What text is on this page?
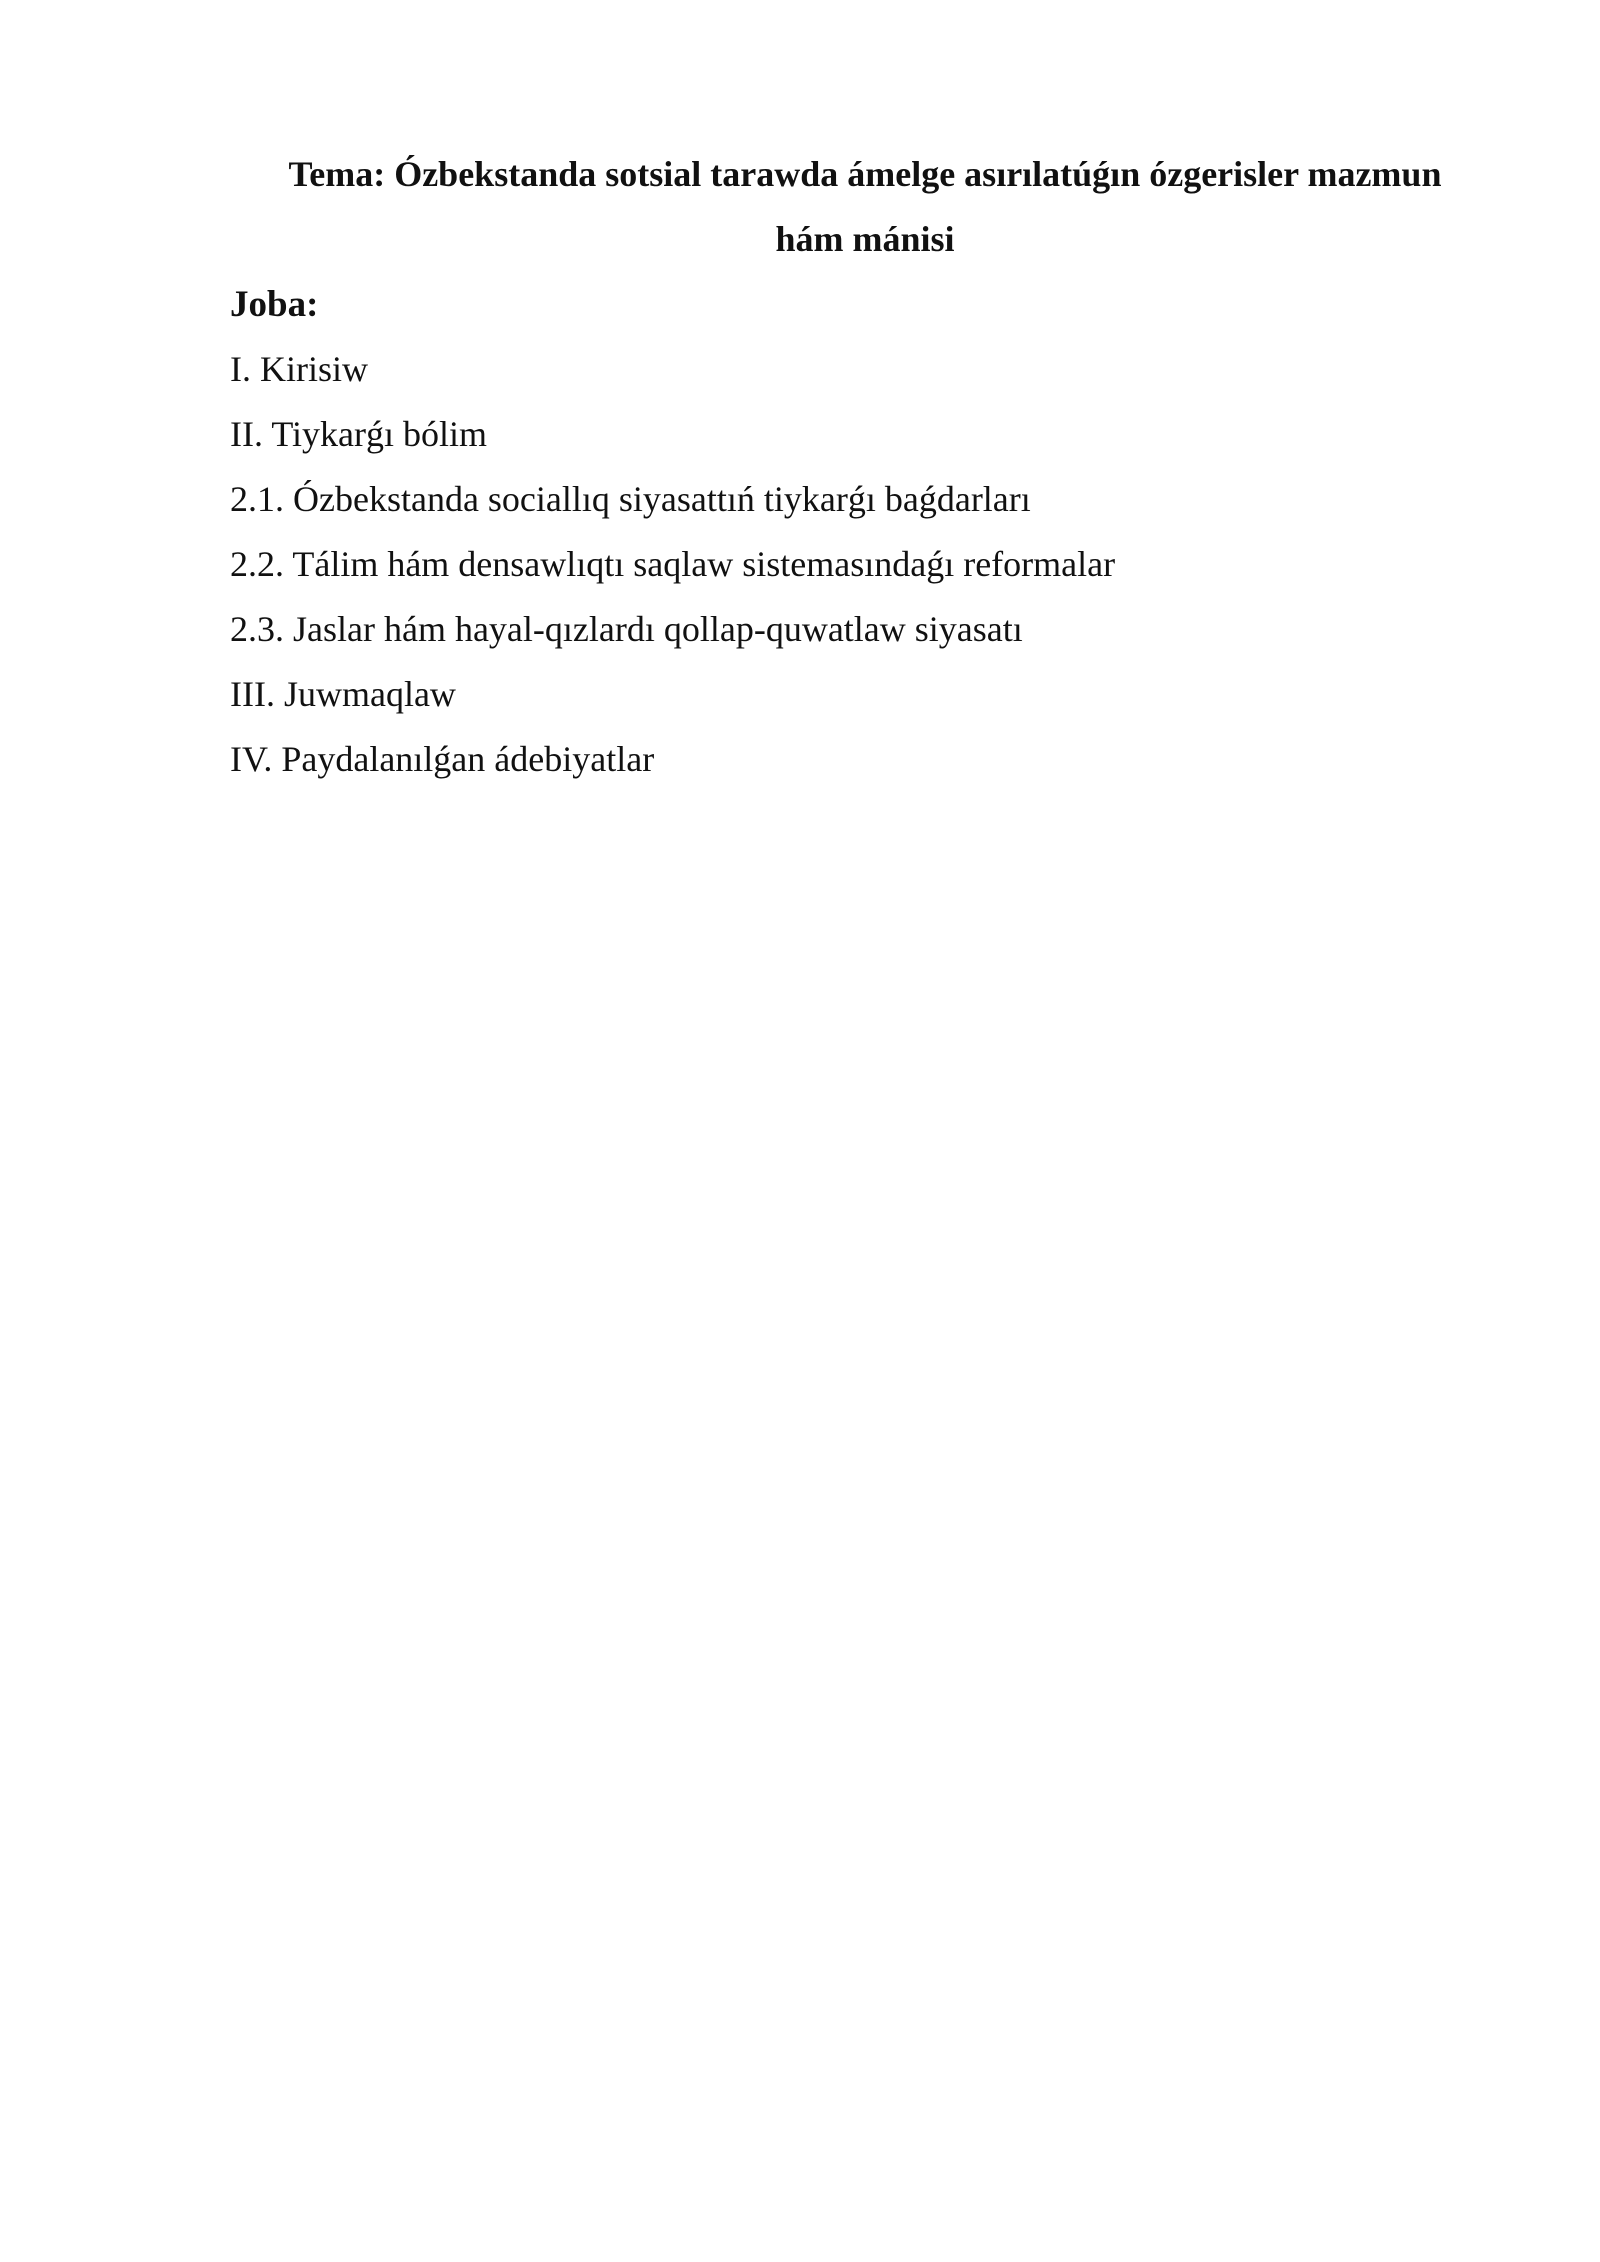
Tema: Ózbekstanda sotsial tarawda ámelge asırılatúǵın ózgerisler mazmun
hám mánisi
Joba:
I. Kirisiw
II. Tiykarǵı bólim
2.1. Ózbekstanda sociallıq siyasattıń tiykarǵı baǵdarları
2.2. Tálim hám densawlıqtı saqlaw sistemasındaǵı reformalar
2.3. Jaslar hám hayal-qızlardı qollap-quwatlaw siyasatı
III. Juwmaqlaw
IV. Paydalanılǵan ádebiyatlar
